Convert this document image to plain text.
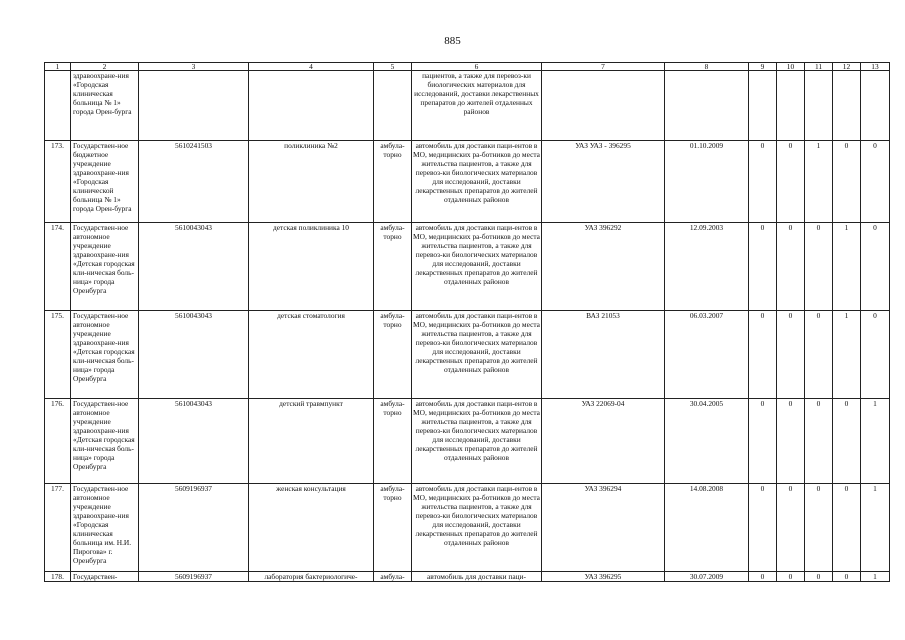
885
1	2	3	4	5	6	7	8	9	10	11	12	13
	здравоохране-ния «Городская клиническая больница № 1» города Орен-бурга				пациентов, а также для перевоз-ки биологических материалов для исследований, доставки лекарственных препаратов до жителей отдаленных районов							
173.	Государствен-ное бюджетное учреждение здравоохране-ния «Городская клинической больница № 1» города Орен-бурга	5610241503	поликлиника №2	амбула-торно	автомобиль для доставки паци-ентов в МО, медицинских ра-ботников до места жительства пациентов, а также для перевоз-ки биологических материалов для исследований, доставки лекарственных препаратов до жителей отдаленных районов	УАЗ УАЗ - 396295	01.10.2009	0	0	1	0	0
174.	Государствен-ное автономное учреждение здравоохране-ния «Детская городская кли-ническая боль-ница» города Оренбурга	5610043043	детская поликлиника 10	амбула-торно	автомобиль для доставки паци-ентов в МО, медицинских ра-ботников до места жительства пациентов, а также для перевоз-ки биологических материалов для исследований, доставки лекарственных препаратов до жителей отдаленных районов	УАЗ 396292	12.09.2003	0	0	0	1	0
175.	Государствен-ное автономное учреждение здравоохране-ния «Детская городская кли-ническая боль-ница» города Оренбурга	5610043043	детская стоматология	амбула-торно	автомобиль для доставки паци-ентов в МО, медицинских ра-ботников до места жительства пациентов, а также для перевоз-ки биологических материалов для исследований, доставки лекарственных препаратов до жителей отдаленных районов	ВАЗ 21053	06.03.2007	0	0	0	1	0
176.	Государствен-ное автономное учреждение здравоохране-ния «Детская городская кли-ническая боль-ница» города Оренбурга	5610043043	детский травмпункт	амбула-торно	автомобиль для доставки паци-ентов в МО, медицинских ра-ботников до места жительства пациентов, а также для перевоз-ки биологических материалов для исследований, доставки лекарственных препаратов до жителей отдаленных районов	УАЗ 22069-04	30.04.2005	0	0	0	0	1
177.	Государствен-ное автономное учреждение здравоохране-ния «Городская клиническая больница им. Н.И. Пирогова» г. Оренбурга	5609196937	женская консультация	амбула-торно	автомобиль для доставки паци-ентов в МО, медицинских ра-ботников до места жительства пациентов, а также для перевоз-ки биологических материалов для исследований, доставки лекарственных препаратов до жителей отдаленных районов	УАЗ 396294	14.08.2008	0	0	0	0	1
178.	Государствен-	5609196937	лаборатория бактериологиче-	амбула-	автомобиль для доставки паци-	УАЗ 396295	30.07.2009	0	0	0	0	1
